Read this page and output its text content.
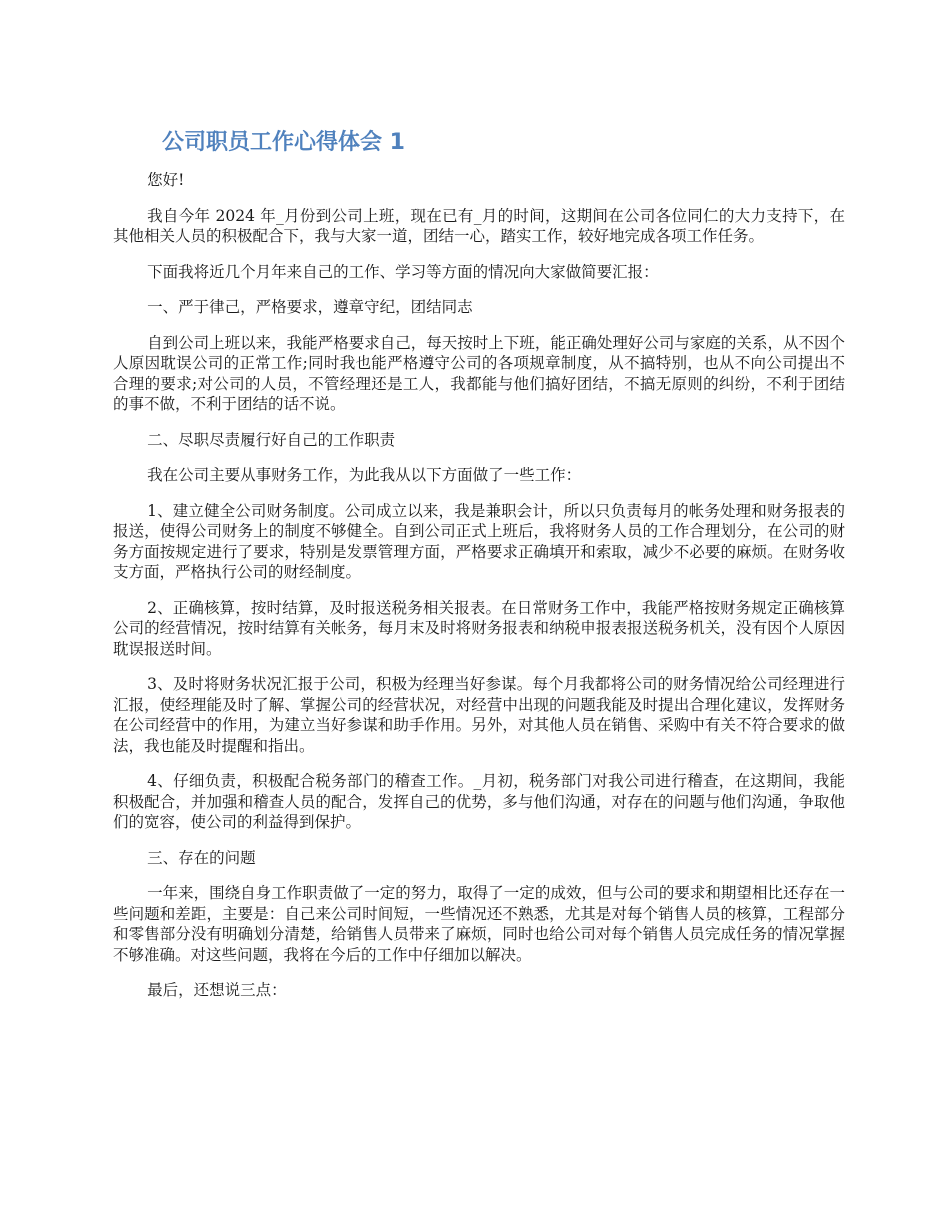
公司职员工作心得体会 1

您好!

我自今年 2024 年_月份到公司上班，现在已有_月的时间，这期间在公司各位同仁的大力支持下，在其他相关人员的积极配合下，我与大家一道，团结一心，踏实工作，较好地完成各项工作任务。

下面我将近几个月年来自己的工作、学习等方面的情况向大家做简要汇报：

一、严于律己，严格要求，遵章守纪，团结同志

自到公司上班以来，我能严格要求自己，每天按时上下班，能正确处理好公司与家庭的关系，从不因个人原因耽误公司的正常工作;同时我也能严格遵守公司的各项规章制度，从不搞特别，也从不向公司提出不合理的要求;对公司的人员，不管经理还是工人，我都能与他们搞好团结，不搞无原则的纠纷，不利于团结的事不做，不利于团结的话不说。

二、尽职尽责履行好自己的工作职责

我在公司主要从事财务工作，为此我从以下方面做了一些工作：

1、建立健全公司财务制度。公司成立以来，我是兼职会计，所以只负责每月的帐务处理和财务报表的报送，使得公司财务上的制度不够健全。自到公司正式上班后，我将财务人员的工作合理划分，在公司的财务方面按规定进行了要求，特别是发票管理方面，严格要求正确填开和索取，减少不必要的麻烦。在财务收支方面，严格执行公司的财经制度。

2、正确核算，按时结算，及时报送税务相关报表。在日常财务工作中，我能严格按财务规定正确核算公司的经营情况，按时结算有关帐务，每月末及时将财务报表和纳税申报表报送税务机关，没有因个人原因耽误报送时间。

3、及时将财务状况汇报于公司，积极为经理当好参谋。每个月我都将公司的财务情况给公司经理进行汇报，使经理能及时了解、掌握公司的经营状况，对经营中出现的问题我能及时提出合理化建议，发挥财务在公司经营中的作用，为建立当好参谋和助手作用。另外，对其他人员在销售、采购中有关不符合要求的做法，我也能及时提醒和指出。

4、仔细负责，积极配合税务部门的稽查工作。_月初，税务部门对我公司进行稽查，在这期间，我能积极配合，并加强和稽查人员的配合，发挥自己的优势，多与他们沟通，对存在的问题与他们沟通，争取他们的宽容，使公司的利益得到保护。

三、存在的问题

一年来，围绕自身工作职责做了一定的努力，取得了一定的成效，但与公司的要求和期望相比还存在一些问题和差距，主要是：自己来公司时间短，一些情况还不熟悉，尤其是对每个销售人员的核算，工程部分和零售部分没有明确划分清楚，给销售人员带来了麻烦，同时也给公司对每个销售人员完成任务的情况掌握不够准确。对这些问题，我将在今后的工作中仔细加以解决。

最后，还想说三点：
